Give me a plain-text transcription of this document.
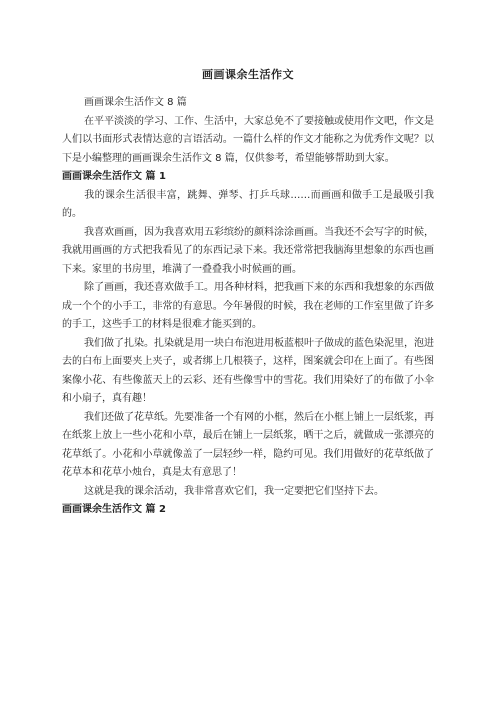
画画课余生活作文

画画课余生活作文 8 篇

在平平淡淡的学习、工作、生活中，大家总免不了要接触或使用作文吧，作文是人们以书面形式表情达意的言语活动。一篇什么样的作文才能称之为优秀作文呢？以下是小编整理的画画课余生活作文 8 篇，仅供参考，希望能够帮助到大家。

画画课余生活作文 篇 1

我的课余生活很丰富，跳舞、弹琴、打乒乓球……而画画和做手工是最吸引我的。

我喜欢画画，因为我喜欢用五彩缤纷的颜料涂涂画画。当我还不会写字的时候，我就用画画的方式把我看见了的东西记录下来。我还常常把我脑海里想象的东西也画下来。家里的书房里，堆满了一叠叠我小时候画的画。

除了画画，我还喜欢做手工。用各种材料，把我画下来的东西和我想象的东西做成一个个的小手工，非常的有意思。今年暑假的时候，我在老师的工作室里做了许多的手工，这些手工的材料是很难才能买到的。

我们做了扎染。扎染就是用一块白布泡进用板蓝根叶子做成的蓝色染泥里，泡进去的白布上面要夹上夹子，或者绑上几根筷子，这样，图案就会印在上面了。有些图案像小花、有些像蓝天上的云彩、还有些像雪中的雪花。我们用染好了的布做了小伞和小扇子，真有趣！

我们还做了花草纸。先要准备一个有网的小框，然后在小框上铺上一层纸浆，再在纸浆上放上一些小花和小草，最后在铺上一层纸浆，晒干之后，就做成一张漂亮的花草纸了。小花和小草就像盖了一层轻纱一样，隐约可见。我们用做好的花草纸做了花草本和花草小烛台，真是太有意思了！

这就是我的课余活动，我非常喜欢它们，我一定要把它们坚持下去。

画画课余生活作文 篇 2
